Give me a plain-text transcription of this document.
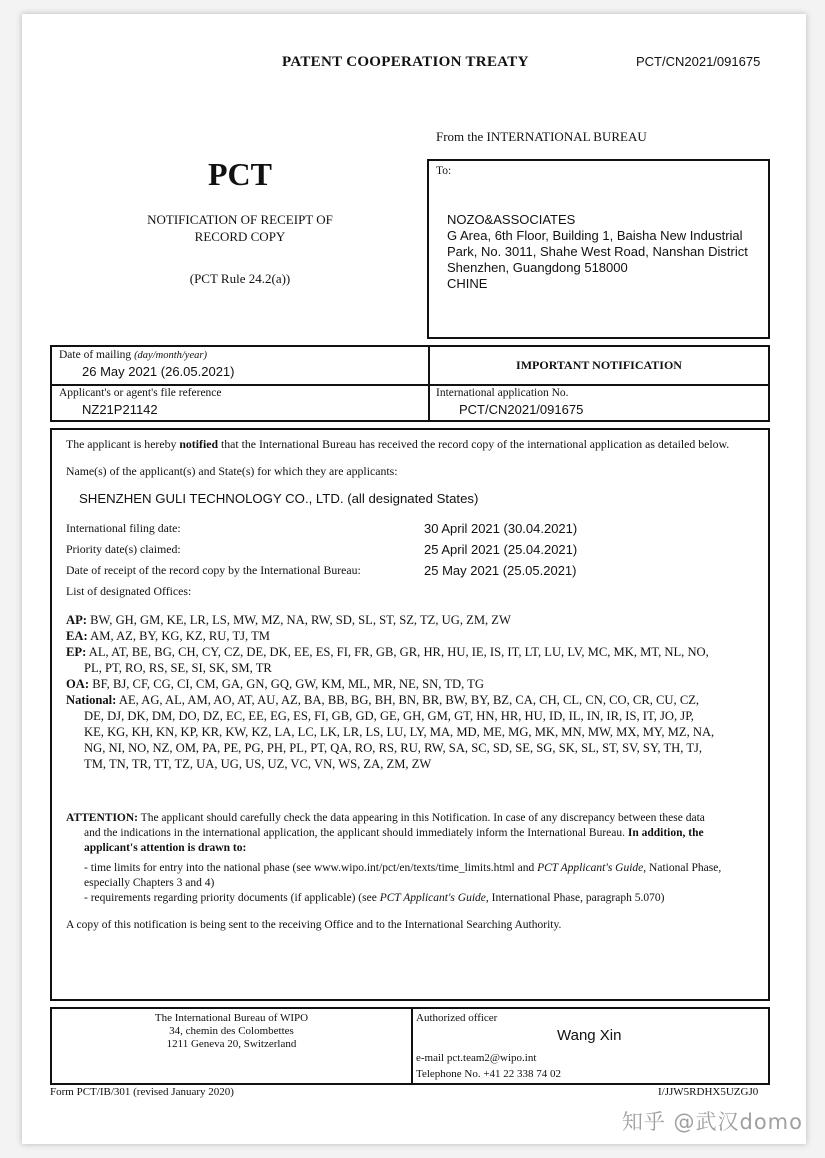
PATENT COOPERATION TREATY	PCT/CN2021/091675
From the INTERNATIONAL BUREAU
PCT
NOTIFICATION OF RECEIPT OF
RECORD COPY
(PCT Rule 24.2(a))
To:
NOZO&ASSOCIATES
G Area, 6th Floor, Building 1, Baisha New Industrial
Park, No. 3011, Shahe West Road, Nanshan District
Shenzhen, Guangdong 518000
CHINE
Date of mailing (day/month/year)
26 May 2021 (26.05.2021)	IMPORTANT NOTIFICATION
Applicant's or agent's file reference
NZ21P21142
International application No.
PCT/CN2021/091675
The applicant is hereby notified that the International Bureau has received the record copy of the international application as detailed below.
Name(s) of the applicant(s) and State(s) for which they are applicants:
SHENZHEN GULI TECHNOLOGY CO., LTD. (all designated States)
International filing date:	30 April 2021 (30.04.2021)
Priority date(s) claimed:	25 April 2021 (25.04.2021)
Date of receipt of the record copy by the International Bureau:	25 May 2021 (25.05.2021)
List of designated Offices:
AP: BW, GH, GM, KE, LR, LS, MW, MZ, NA, RW, SD, SL, ST, SZ, TZ, UG, ZM, ZW
EA: AM, AZ, BY, KG, KZ, RU, TJ, TM
EP: AL, AT, BE, BG, CH, CY, CZ, DE, DK, EE, ES, FI, FR, GB, GR, HR, HU, IE, IS, IT, LT, LU, LV, MC, MK, MT, NL, NO,
PL, PT, RO, RS, SE, SI, SK, SM, TR
OA: BF, BJ, CF, CG, CI, CM, GA, GN, GQ, GW, KM, ML, MR, NE, SN, TD, TG
National: AE, AG, AL, AM, AO, AT, AU, AZ, BA, BB, BG, BH, BN, BR, BW, BY, BZ, CA, CH, CL, CN, CO, CR, CU, CZ,
DE, DJ, DK, DM, DO, DZ, EC, EE, EG, ES, FI, GB, GD, GE, GH, GM, GT, HN, HR, HU, ID, IL, IN, IR, IS, IT, JO, JP,
KE, KG, KH, KN, KP, KR, KW, KZ, LA, LC, LK, LR, LS, LU, LY, MA, MD, ME, MG, MK, MN, MW, MX, MY, MZ, NA,
NG, NI, NO, NZ, OM, PA, PE, PG, PH, PL, PT, QA, RO, RS, RU, RW, SA, SC, SD, SE, SG, SK, SL, ST, SV, SY, TH, TJ,
TM, TN, TR, TT, TZ, UA, UG, US, UZ, VC, VN, WS, ZA, ZM, ZW
ATTENTION: The applicant should carefully check the data appearing in this Notification. In case of any discrepancy between these data
and the indications in the international application, the applicant should immediately inform the International Bureau. In addition, the
applicant's attention is drawn to:
- time limits for entry into the national phase (see www.wipo.int/pct/en/texts/time_limits.html and PCT Applicant's Guide, National Phase,
especially Chapters 3 and 4)
- requirements regarding priority documents (if applicable) (see PCT Applicant's Guide, International Phase, paragraph 5.070)
A copy of this notification is being sent to the receiving Office and to the International Searching Authority.
The International Bureau of WIPO
34, chemin des Colombettes
1211 Geneva 20, Switzerland
Authorized officer
Wang Xin
e-mail pct.team2@wipo.int
Telephone No. +41 22 338 74 02
Form PCT/IB/301 (revised January 2020)	I/JJW5RDHX5UZGJ0
知乎 @武汉domo
